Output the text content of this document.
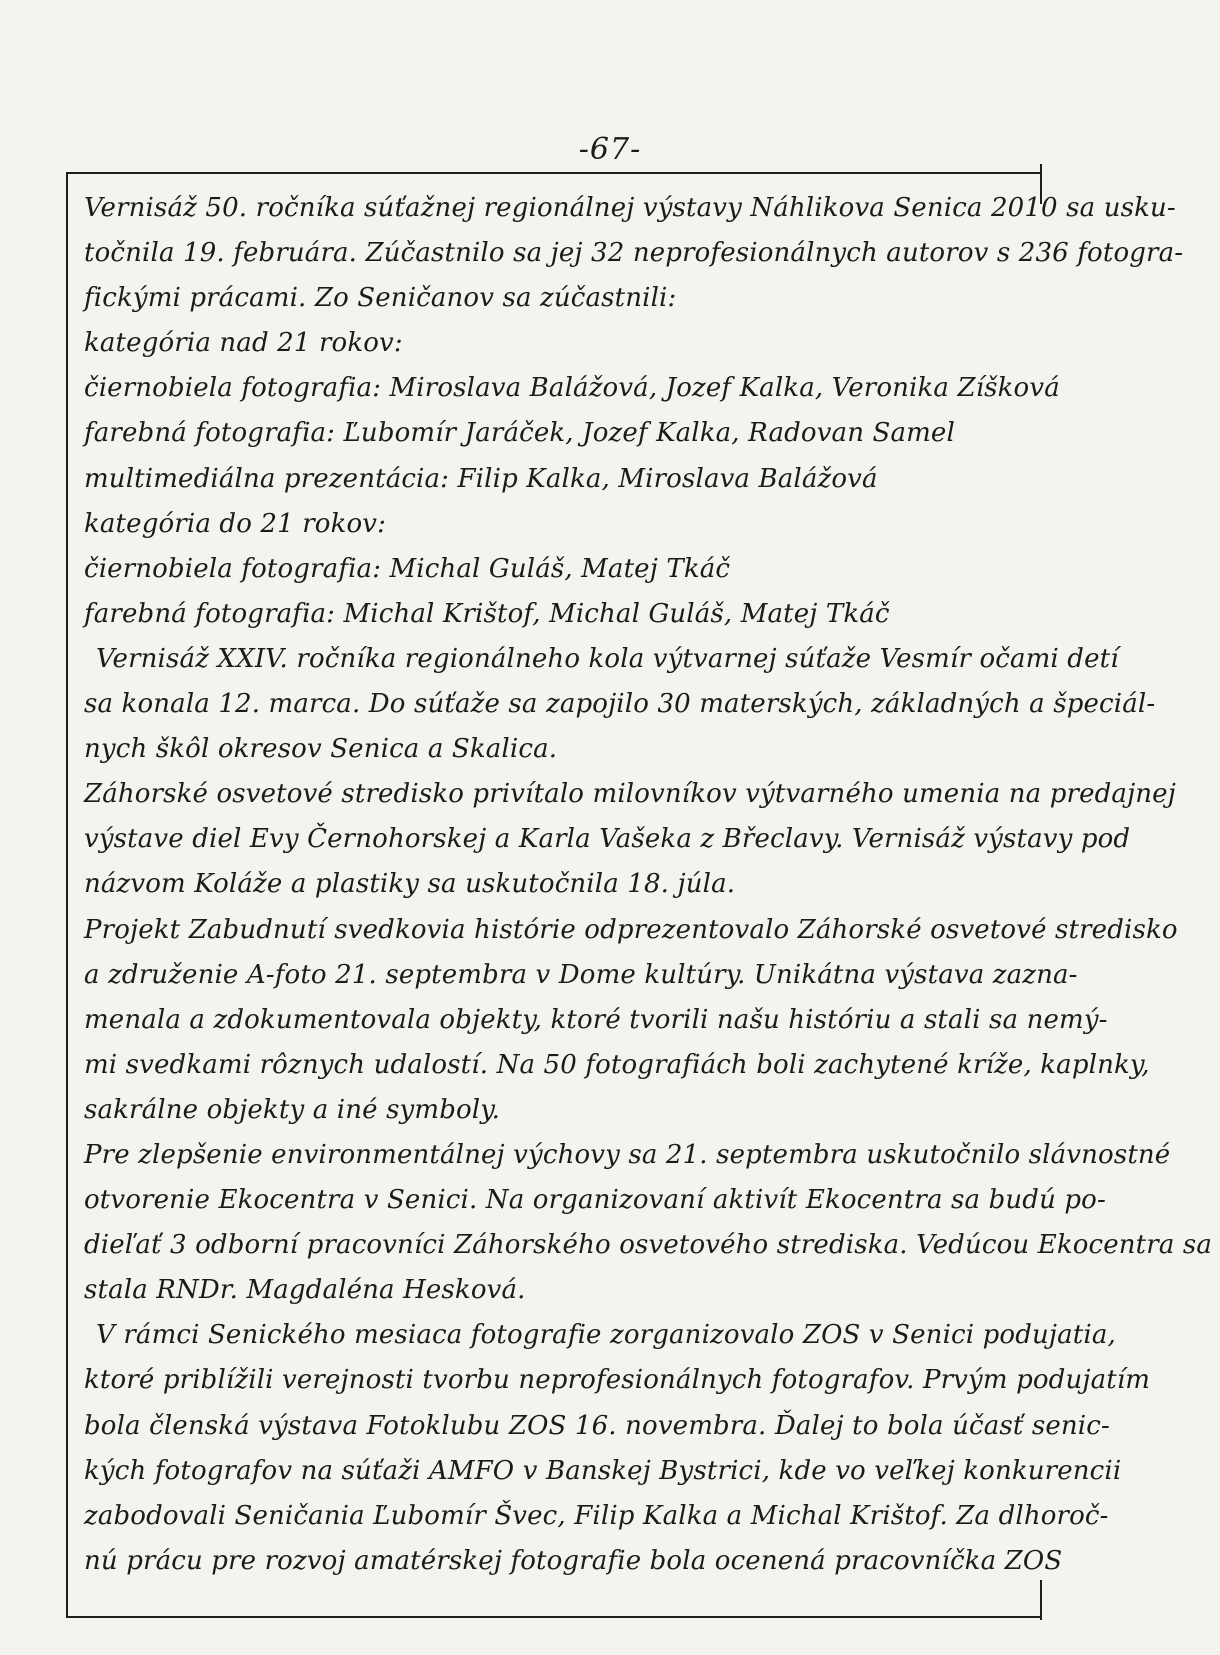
-67-
Vernisáž 50. ročníka súťažnej regionálnej výstavy Náhlikova Senica 2010 sa usku-
točnila 19. februára. Zúčastnilo sa jej 32 neprofesionálnych autorov s 236 fotogra-
fickými prácami. Zo Seničanov sa zúčastnili:
kategória nad 21 rokov:
čiernobiela fotografia: Miroslava Balážová, Jozef Kalka, Veronika Zíšková
farebná fotografia: Ľubomír Jaráček, Jozef Kalka, Radovan Samel
multimediálna prezentácia: Filip Kalka, Miroslava Balážová
kategória do 21 rokov:
čiernobiela fotografia: Michal Guláš, Matej Tkáč
farebná fotografia: Michal Krištof, Michal Guláš, Matej Tkáč
Vernisáž XXIV. ročníka regionálneho kola výtvarnej súťaže Vesmír očami detí
sa konala 12. marca. Do súťaže sa zapojilo 30 materských, základných a špeciál-
nych škôl okresov Senica a Skalica.
Záhorské osvetové stredisko privítalo milovníkov výtvarného umenia na predajnej
výstave diel Evy Černohorskej a Karla Vašeka z Břeclavy. Vernisáž výstavy pod
názvom Koláže a plastiky sa uskutočnila 18. júla.
Projekt Zabudnutí svedkovia histórie odprezentovalo Záhorské osvetové stredisko
a združenie A-foto 21. septembra v Dome kultúry. Unikátna výstava zazna-
menala a zdokumentovala objekty, ktoré tvorili našu históriu a stali sa nemý-
mi svedkami rôznych udalostí. Na 50 fotografiách boli zachytené kríže, kaplnky,
sakrálne objekty a iné symboly.
Pre zlepšenie environmentálnej výchovy sa 21. septembra uskutočnilo slávnostné
otvorenie Ekocentra v Senici. Na organizovaní aktivít Ekocentra sa budú po-
dieľať 3 odborní pracovníci Záhorského osvetového strediska. Vedúcou Ekocentra sa
stala RNDr. Magdaléna Hesková.
V rámci Senického mesiaca fotografie zorganizovalo ZOS v Senici podujatia,
ktoré priblížili verejnosti tvorbu neprofesionálnych fotografov. Prvým podujatím
bola členská výstava Fotoklubu ZOS 16. novembra. Ďalej to bola účasť senic-
kých fotografov na súťaži AMFO v Banskej Bystrici, kde vo veľkej konkurencii
zabodovali Seničania Ľubomír Švec, Filip Kalka a Michal Krištof. Za dlhoroč-
nú prácu pre rozvoj amatérskej fotografie bola ocenená pracovníčka ZOS
